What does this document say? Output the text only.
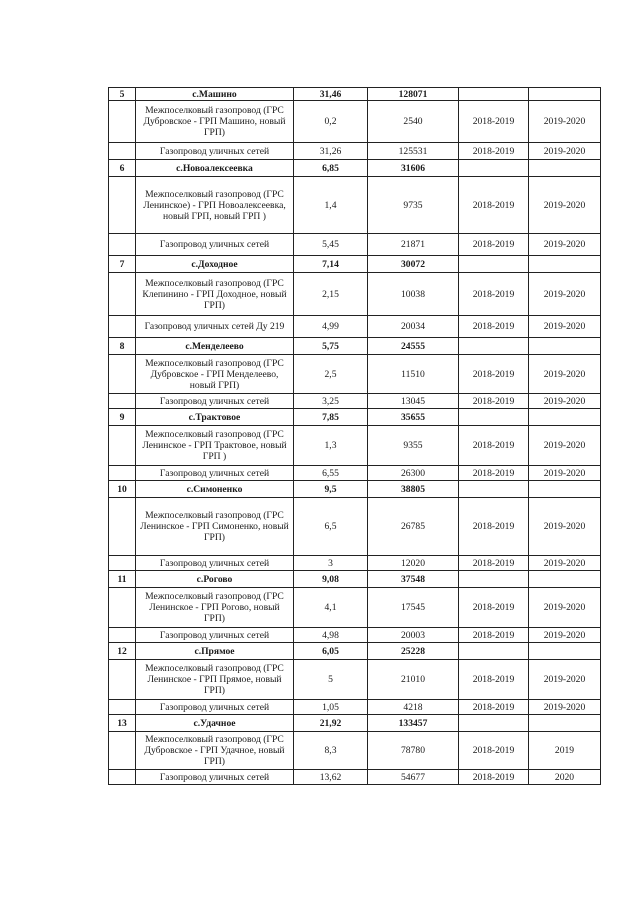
5	с.Машино	31,46	128071		
	Межпоселковый газопровод (ГРС Дубровское - ГРП Машино, новый ГРП)	0,2	2540	2018-2019	2019-2020
	Газопровод уличных сетей	31,26	125531	2018-2019	2019-2020
6	с.Новоалексеевка	6,85	31606		
	Межпоселковый газопровод (ГРС Ленинское) - ГРП Новоалексеевка, новый ГРП, новый ГРП )	1,4	9735	2018-2019	2019-2020
	Газопровод уличных сетей	5,45	21871	2018-2019	2019-2020
7	с.Доходное	7,14	30072		
	Межпоселковый газопровод (ГРС Клепинино - ГРП Доходное, новый ГРП)	2,15	10038	2018-2019	2019-2020
	Газопровод уличных сетей Ду 219	4,99	20034	2018-2019	2019-2020
8	с.Менделеево	5,75	24555		
	Межпоселковый газопровод (ГРС Дубровское - ГРП Менделеево, новый ГРП)	2,5	11510	2018-2019	2019-2020
	Газопровод уличных сетей	3,25	13045	2018-2019	2019-2020
9	с.Трактовое	7,85	35655		
	Межпоселковый газопровод (ГРС Ленинское - ГРП Трактовое, новый ГРП )	1,3	9355	2018-2019	2019-2020
	Газопровод уличных сетей	6,55	26300	2018-2019	2019-2020
10	с.Симоненко	9,5	38805		
	Межпоселковый газопровод (ГРС Ленинское - ГРП Симоненко, новый ГРП)	6,5	26785	2018-2019	2019-2020
	Газопровод уличных сетей	3	12020	2018-2019	2019-2020
11	с.Рогово	9,08	37548		
	Межпоселковый газопровод (ГРС Ленинское - ГРП Рогово, новый ГРП)	4,1	17545	2018-2019	2019-2020
	Газопровод уличных сетей	4,98	20003	2018-2019	2019-2020
12	с.Прямое	6,05	25228		
	Межпоселковый газопровод (ГРС Ленинское - ГРП Прямое, новый ГРП)	5	21010	2018-2019	2019-2020
	Газопровод уличных сетей	1,05	4218	2018-2019	2019-2020
13	с.Удачное	21,92	133457		
	Межпоселковый газопровод (ГРС Дубровское - ГРП Удачное, новый ГРП)	8,3	78780	2018-2019	2019
	Газопровод уличных сетей	13,62	54677	2018-2019	2020
